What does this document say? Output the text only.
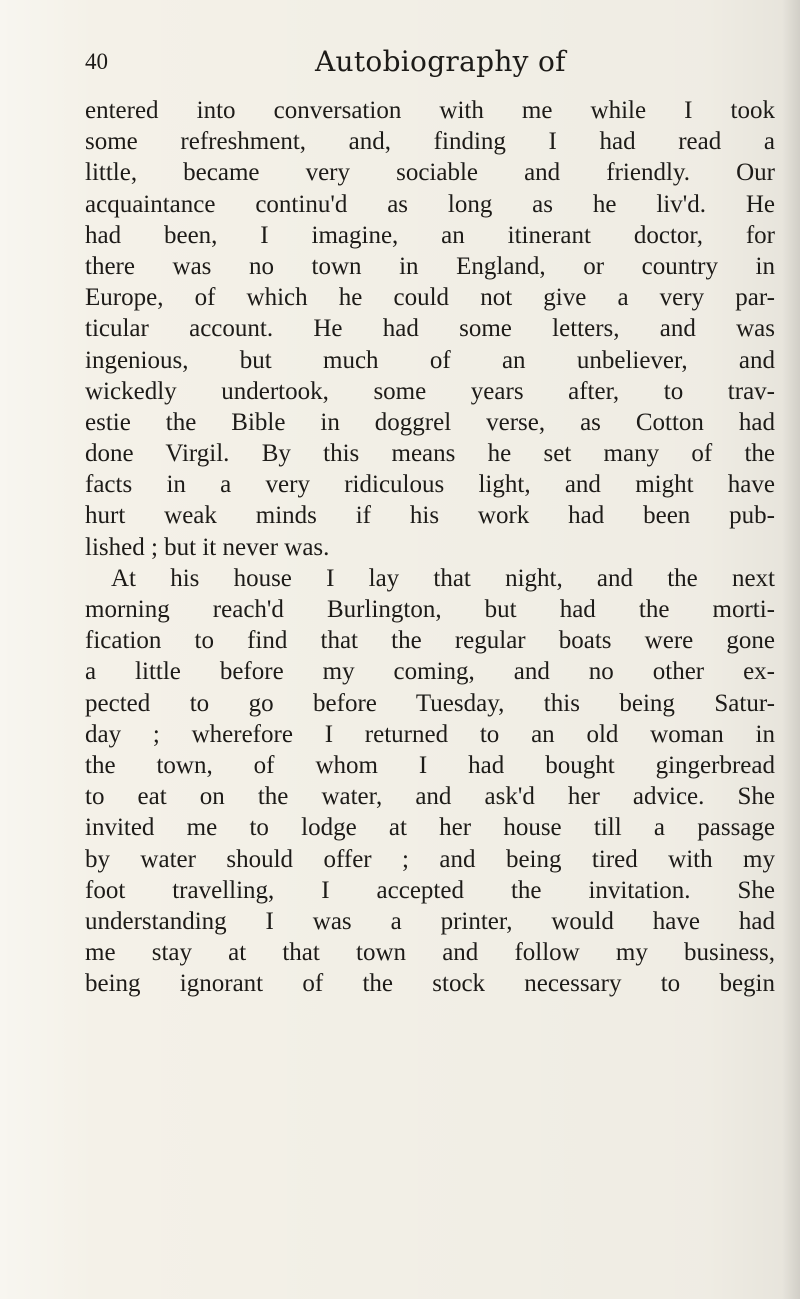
40	Autobiography of
entered into conversation with me while I took
some refreshment, and, finding I had read a
little, became very sociable and friendly. Our
acquaintance continu'd as long as he liv'd. He
had been, I imagine, an itinerant doctor, for
there was no town in England, or country in
Europe, of which he could not give a very par-
ticular account. He had some letters, and was
ingenious, but much of an unbeliever, and
wickedly undertook, some years after, to trav-
estie the Bible in doggrel verse, as Cotton had
done Virgil. By this means he set many of the
facts in a very ridiculous light, and might have
hurt weak minds if his work had been pub-
lished ; but it never was.
At his house I lay that night, and the next
morning reach'd Burlington, but had the morti-
fication to find that the regular boats were gone
a little before my coming, and no other ex-
pected to go before Tuesday, this being Satur-
day ; wherefore I returned to an old woman in
the town, of whom I had bought gingerbread
to eat on the water, and ask'd her advice. She
invited me to lodge at her house till a passage
by water should offer ; and being tired with my
foot travelling, I accepted the invitation. She
understanding I was a printer, would have had
me stay at that town and follow my business,
being ignorant of the stock necessary to begin
